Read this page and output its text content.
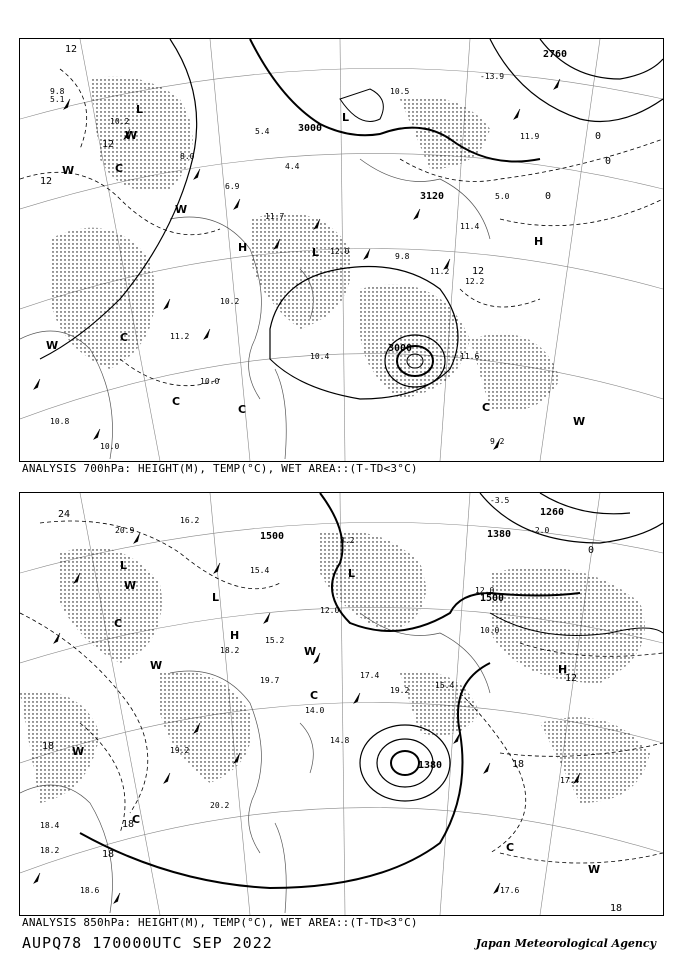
9.8
5.1
10.2
8.0
5.4
4.4
6.9
11.7
12.0
9.8
11.2
12.2
10.2
11.2
10.0
10.4	11.6
9.2
10.8
10.0
10.5
-13.9
11.9
5.0
11.4
3000
3000
3120
2760
12
12
12
0
0
0
12
L
L
L
H	H
C
C
C
C	C
W
W
W
W
W
ANALYSIS 700hPa: HEIGHT(M), TEMP(°C), WET AREA::(T-TD<3°C)
20.9
16.2
15.4
3.2
12.0
15.2
18.2
19.7
14.0
14.8
17.4
19.2
15.4
10.0
12.0
-3.5
-2.0
19.2
20.2
18.4
18.2
17.4
17.6
18.6
1500
1500
1380
1380
1260
24
18
18
18
18
18
12
0
L
L
L
H
H
C
C
C
C
W
W
W
W
W
ANALYSIS 850hPa: HEIGHT(M), TEMP(°C), WET AREA::(T-TD<3°C)
AUPQ78 170000UTC SEP 2022	Japan Meteorological Agency
